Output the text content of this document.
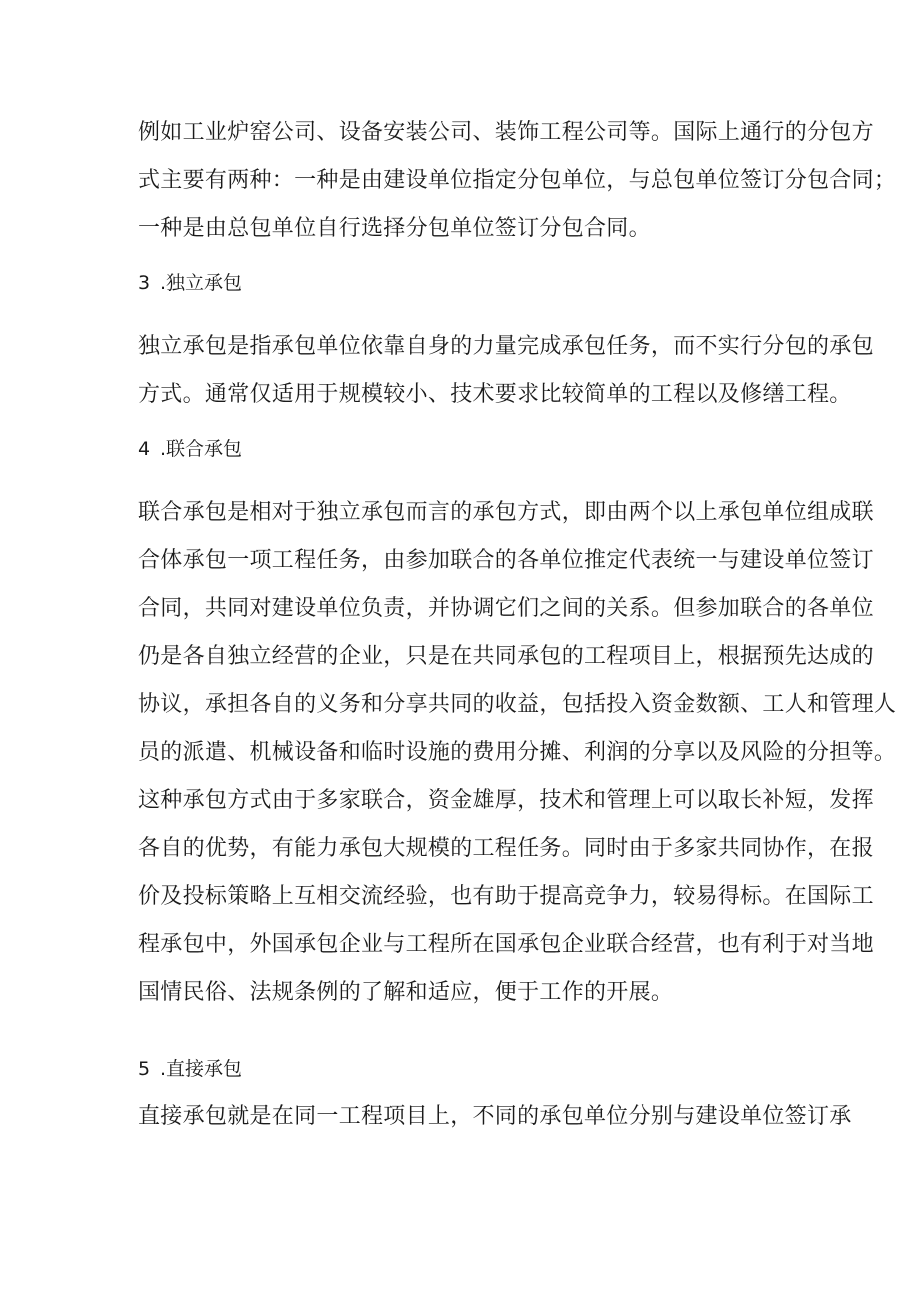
例如工业炉窑公司、设备安装公司、装饰工程公司等。国际上通行的分包方
式主要有两种：一种是由建设单位指定分包单位，与总包单位签订分包合同；
一种是由总包单位自行选择分包单位签订分包合同。
3 .独立承包
独立承包是指承包单位依靠自身的力量完成承包任务，而不实行分包的承包
方式。通常仅适用于规模较小、技术要求比较简单的工程以及修缮工程。
4 .联合承包
联合承包是相对于独立承包而言的承包方式，即由两个以上承包单位组成联
合体承包一项工程任务，由参加联合的各单位推定代表统一与建设单位签订
合同，共同对建设单位负责，并协调它们之间的关系。但参加联合的各单位
仍是各自独立经营的企业，只是在共同承包的工程项目上，根据预先达成的
协议，承担各自的义务和分享共同的收益，包括投入资金数额、工人和管理人
员的派遣、机械设备和临时设施的费用分摊、利润的分享以及风险的分担等。
这种承包方式由于多家联合，资金雄厚，技术和管理上可以取长补短，发挥
各自的优势，有能力承包大规模的工程任务。同时由于多家共同协作，在报
价及投标策略上互相交流经验，也有助于提高竞争力，较易得标。在国际工
程承包中，外国承包企业与工程所在国承包企业联合经营，也有利于对当地
国情民俗、法规条例的了解和适应，便于工作的开展。
5 .直接承包
直接承包就是在同一工程项目上，不同的承包单位分别与建设单位签订承
